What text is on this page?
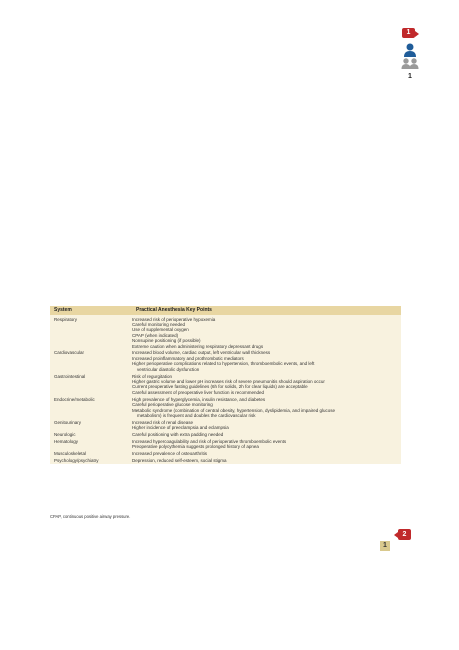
1
1
System	Practical Anesthesia Key Points
Respiratory	Increased risk of perioperative hypoxemia
Careful monitoring needed
Use of supplemental oxygen
CPAP (when indicated)
Nonsupine positioning (if possible)
Extreme caution when administering respiratory depressant drugs
Cardiovascular	Increased blood volume, cardiac output, left ventricular wall thickness
Increased proinflammatory and prothrombotic mediators
Higher perioperative complications related to hypertension, thromboembolic events, and left
ventricular diastolic dysfunction
Gastrointestinal	Risk of regurgitation
Higher gastric volume and lower pH increases risk of severe pneumonitis should aspiration occur
Current preoperative fasting guidelines (6h for solids, 2h for clear liquids) are acceptable
Careful assessment of preoperative liver function is recommended
Endocrine/metabolic	High prevalence of hyperglycemia, insulin resistance, and diabetes
Careful perioperative glucose monitoring
Metabolic syndrome (combination of central obesity, hypertension, dyslipidemia, and impaired glucose
metabolism) is frequent and doubles the cardiovascular risk
Genitourinary	Increased risk of renal disease
Higher incidence of preeclampsia and eclampsia
Neurologic	Careful positioning with extra padding needed
Hematology	Increased hypercoagulability and risk of perioperative thromboembolic events
Preoperative polycythemia suggests prolonged history of apnea
Musculoskeletal	Increased prevalence of osteoarthritis
Psychology/psychiatry	Depression, reduced self-esteem, social stigma
CPAP, continuous positive airway pressure.
2
1
